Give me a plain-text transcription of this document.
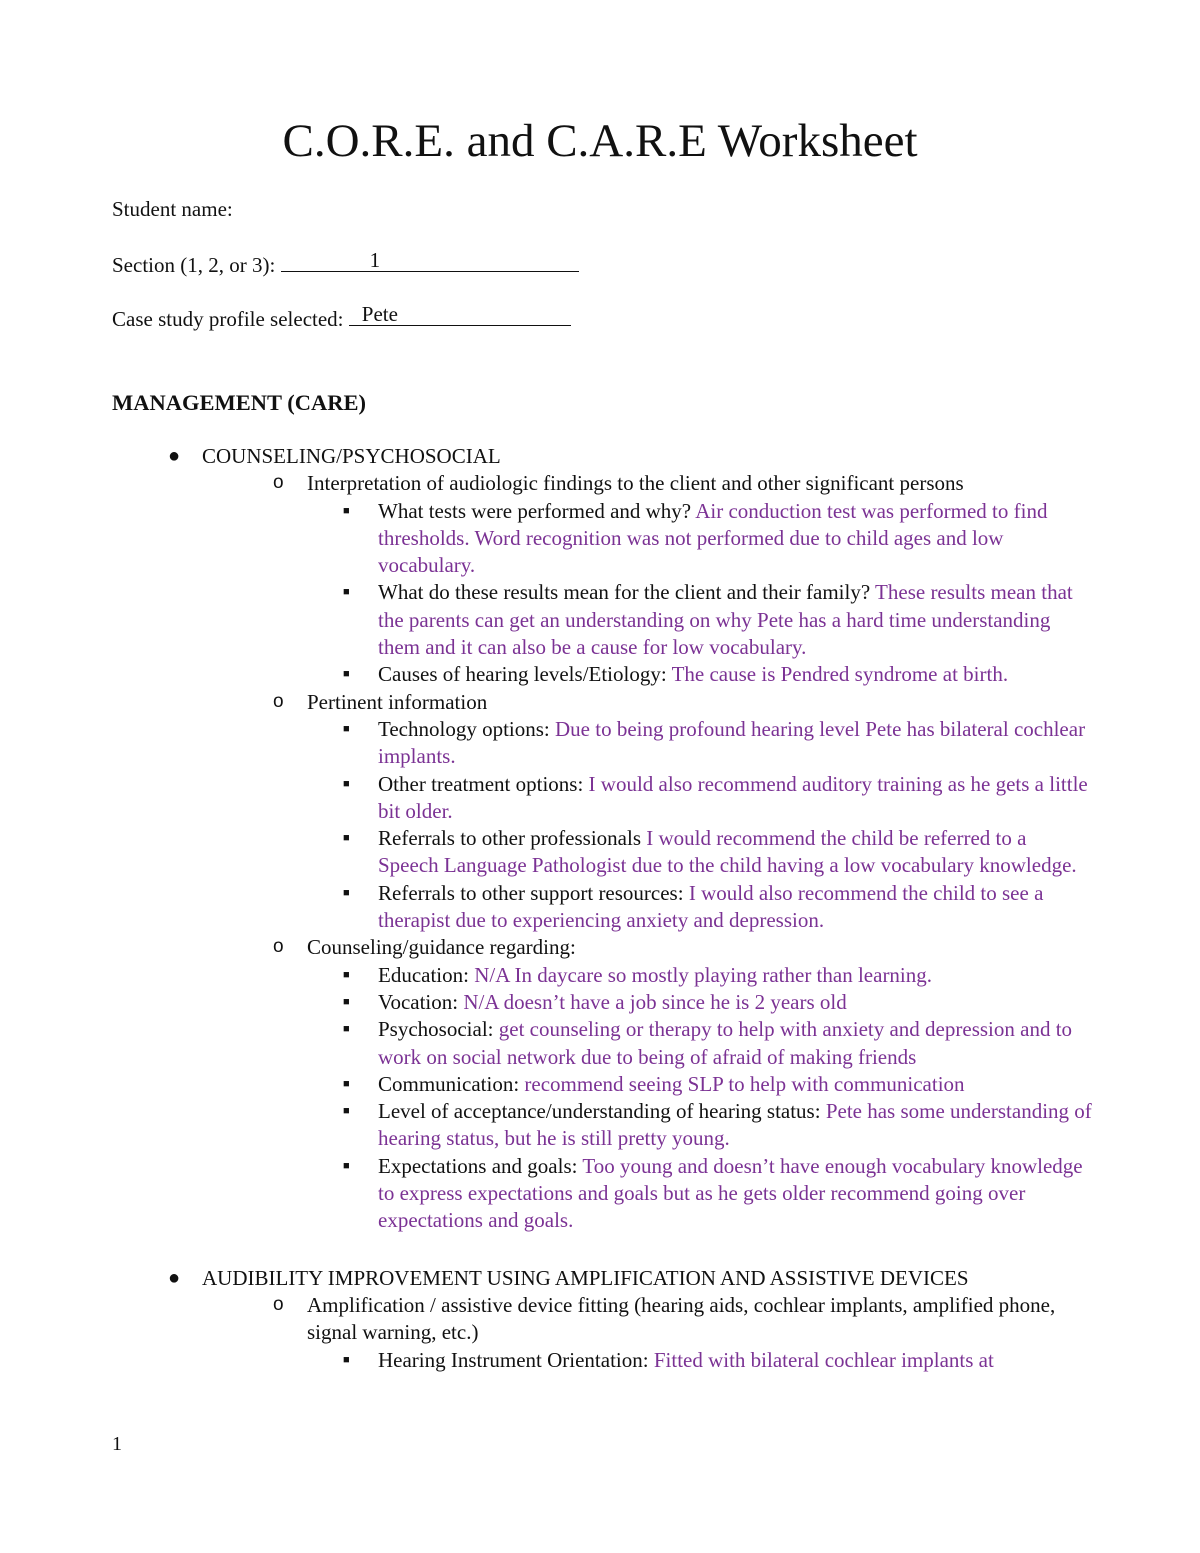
C.O.R.E. and C.A.R.E Worksheet
Student name:
Section (1, 2, or 3):	1
Case study profile selected: Pete
MANAGEMENT (CARE)
● COUNSELING/PSYCHOSOCIAL
o Interpretation of audiologic findings to the client and other significant persons
■ What tests were performed and why? Air conduction test was performed to find thresholds. Word recognition was not performed due to child ages and low vocabulary.
■ What do these results mean for the client and their family? These results mean that the parents can get an understanding on why Pete has a hard time understanding them and it can also be a cause for low vocabulary.
■ Causes of hearing levels/Etiology: The cause is Pendred syndrome at birth.
o Pertinent information
■ Technology options: Due to being profound hearing level Pete has bilateral cochlear implants.
■ Other treatment options: I would also recommend auditory training as he gets a little bit older.
■ Referrals to other professionals I would recommend the child be referred to a Speech Language Pathologist due to the child having a low vocabulary knowledge.
■ Referrals to other support resources: I would also recommend the child to see a therapist due to experiencing anxiety and depression.
o Counseling/guidance regarding:
■ Education: N/A In daycare so mostly playing rather than learning.
■ Vocation: N/A doesn’t have a job since he is 2 years old
■ Psychosocial: get counseling or therapy to help with anxiety and depression and to work on social network due to being of afraid of making friends
■ Communication: recommend seeing SLP to help with communication
■ Level of acceptance/understanding of hearing status: Pete has some understanding of hearing status, but he is still pretty young.
■ Expectations and goals: Too young and doesn’t have enough vocabulary knowledge to express expectations and goals but as he gets older recommend going over expectations and goals.
● AUDIBILITY IMPROVEMENT USING AMPLIFICATION AND ASSISTIVE DEVICES
o Amplification / assistive device fitting (hearing aids, cochlear implants, amplified phone, signal warning, etc.)
■ Hearing Instrument Orientation: Fitted with bilateral cochlear implants at
1
